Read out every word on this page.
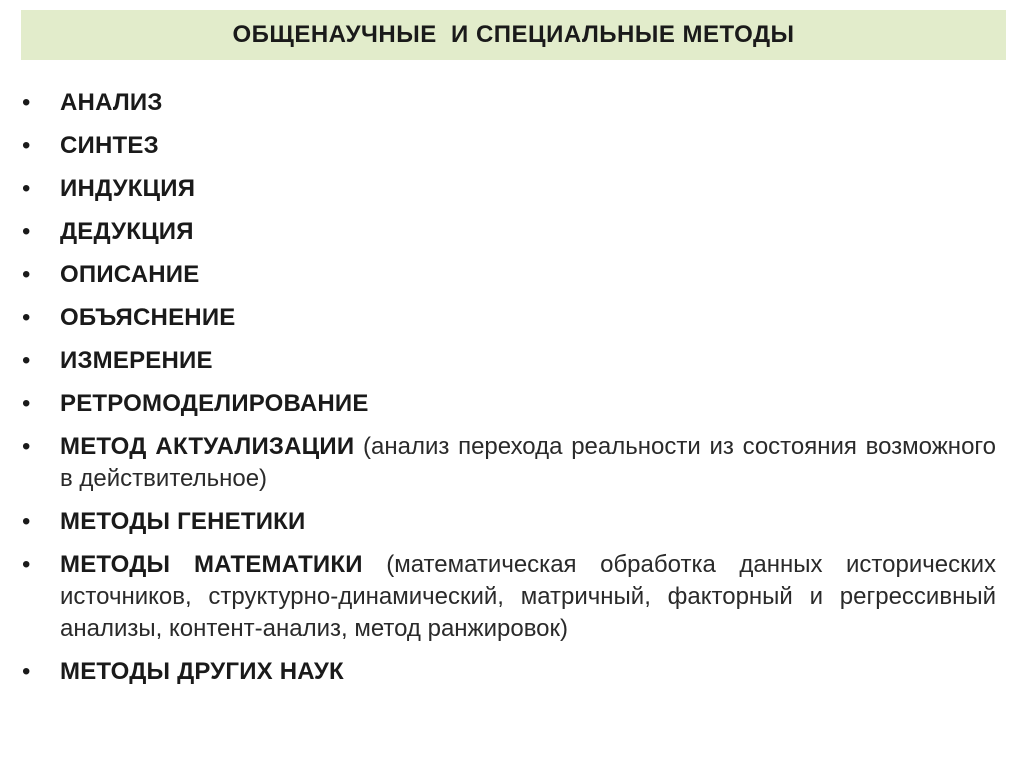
ОБЩЕНАУЧНЫЕ  И СПЕЦИАЛЬНЫЕ МЕТОДЫ
• АНАЛИЗ
• СИНТЕЗ
• ИНДУКЦИЯ
• ДЕДУКЦИЯ
• ОПИСАНИЕ
• ОБЪЯСНЕНИЕ
• ИЗМЕРЕНИЕ
• РЕТРОМОДЕЛИРОВАНИЕ
• МЕТОД АКТУАЛИЗАЦИИ (анализ перехода реальности из состояния возможного в действительное)
• МЕТОДЫ ГЕНЕТИКИ
• МЕТОДЫ МАТЕМАТИКИ (математическая обработка данных исторических источников, структурно-динамический, матричный, факторный и регрессивный анализы, контент-анализ, метод ранжировок)
• МЕТОДЫ ДРУГИХ НАУК
